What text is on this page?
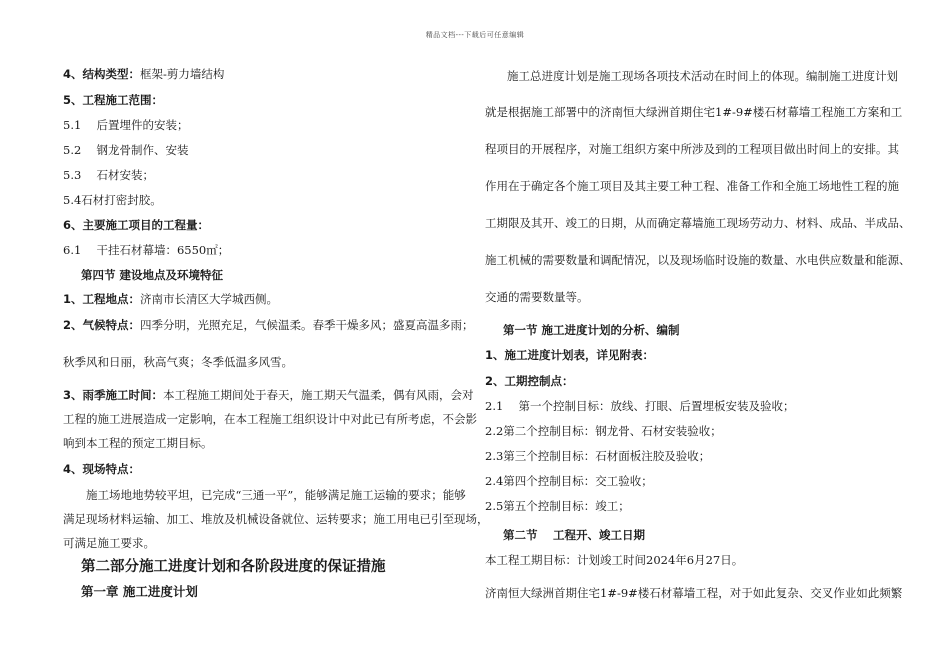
精品文档---下载后可任意编辑
4、结构类型：框架-剪力墙结构
5、工程施工范围：
5.1　 后置埋件的安装；
5.2　 钢龙骨制作、安装
5.3　 石材安装；
5.4石材打密封胶。
6、主要施工项目的工程量：
6.1　 干挂石材幕墙：6550㎡；
第四节 建设地点及环境特征
1、工程地点：济南市长清区大学城西侧。
2、气候特点：四季分明，光照充足，气候温柔。春季干燥多风；盛夏高温多雨；
秋季风和日丽，秋高气爽；冬季低温多风雪。
3、雨季施工时间：本工程施工期间处于春天，施工期天气温柔，偶有风雨，会对
工程的施工进展造成一定影响，在本工程施工组织设计中对此已有所考虑，不会影
响到本工程的预定工期目标。
4、现场特点：
　　施工场地地势较平坦，已完成“三通一平”，能够满足施工运输的要求；能够
满足现场材料运输、加工、堆放及机械设备就位、运转要求；施工用电已引至现场，
可满足施工要求。
第二部分施工进度计划和各阶段进度的保证措施
第一章 施工进度计划
施工总进度计划是施工现场各项技术活动在时间上的体现。编制施工进度计划
就是根据施工部署中的济南恒大绿洲首期住宅1#-9#楼石材幕墙工程施工方案和工
程项目的开展程序，对施工组织方案中所涉及到的工程项目做出时间上的安排。其
作用在于确定各个施工项目及其主要工种工程、准备工作和全施工场地性工程的施
工期限及其开、竣工的日期，从而确定幕墙施工现场劳动力、材料、成品、半成品、
施工机械的需要数量和调配情况，以及现场临时设施的数量、水电供应数量和能源、
交通的需要数量等。
第一节 施工进度计划的分析、编制
1、施工进度计划表，详见附表：
2、工期控制点：
2.1　 第一个控制目标：放线、打眼、后置埋板安装及验收；
2.2第二个控制目标：钢龙骨、石材安装验收；
2.3第三个控制目标：石材面板注胶及验收；
2.4第四个控制目标：交工验收；
2.5第五个控制目标：竣工；
第二节　 工程开、竣工日期
本工程工期目标：计划竣工时间2024年6月27日。
济南恒大绿洲首期住宅1#-9#楼石材幕墙工程，对于如此复杂、交叉作业如此频繁
